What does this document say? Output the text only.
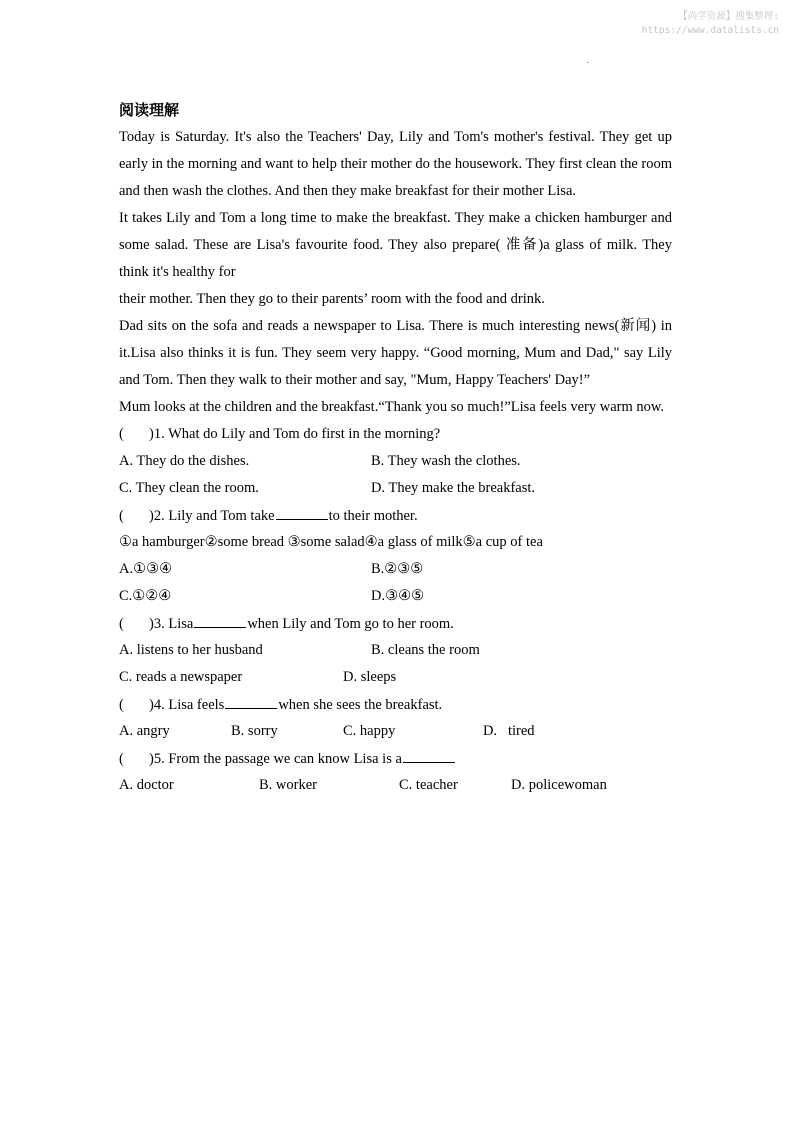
【尚学资源】搜集整理:
https://www.datalists.cn
·
阅读理解

Today is Saturday. It's also the Teachers' Day, Lily and Tom's mother's festival. They get up early in the morning and want to help their mother do the housework. They first clean the room and then wash the clothes. And then they make breakfast for their mother Lisa.

It takes Lily and Tom a long time to make the breakfast. They make a chicken hamburger and some salad. These are Lisa's favourite food. They also prepare( 准备)a glass of milk. They think it's healthy for

their mother. Then they go to their parents’ room with the food and drink.

Dad sits on the sofa and reads a newspaper to Lisa. There is much interesting news(新闻) in it.Lisa also thinks it is fun. They seem very happy. “Good morning, Mum and Dad," say Lily and Tom. Then they walk to their mother and say, "Mum, Happy Teachers' Day!”

Mum looks at the children and the breakfast.“Thank you so much!”Lisa feels very warm now.

( )1. What do Lily and Tom do first in the morning?
A. They do the dishes.	B. They wash the clothes.
C. They clean the room.	D. They make the breakfast.
( )2. Lily and Tom take	to their mother.
①a hamburger②some bread ③some salad④a glass of milk⑤a cup of tea
A.①③④	B.②③⑤
C.①②④	D.③④⑤
( )3. Lisa	when Lily and Tom go to her room.
A. listens to her husband	B. cleans the room
C. reads a newspaper	D. sleeps
( )4. Lisa feels	when she sees the breakfast.
A. angry	B. sorry	C. happy	D.   tired
( )5. From the passage we can know Lisa is a
A. doctor	B. worker	C. teacher	D. policewoman
